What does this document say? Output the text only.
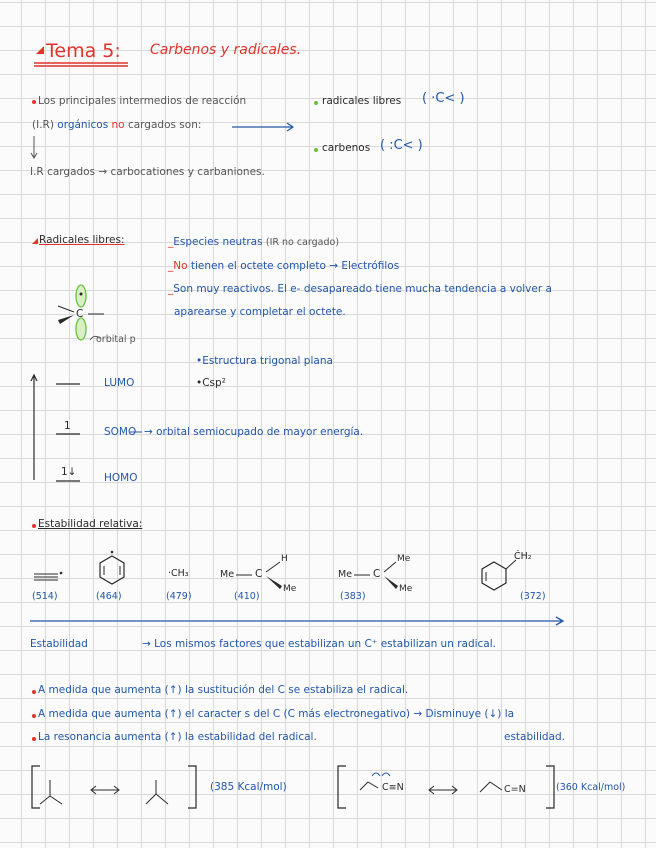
Tema 5: Carbenos y radicales.
Los principales intermedios de reacción
(I.R) orgánicos no cargados son:
I.R cargados → carbocationes y carbaniones.
radicales libres ( ·C< )
carbenos ( :C< )
Radicales libres:	_Especies neutras (IR no cargado)
_No tienen el octete completo → Electrófilos
_Son muy reactivos. El e- desapareado tiene mucha tendencia a volver a
aparearse y completar el octete.
C
orbital p
•Estructura trigonal plana
•Csp²
LUMO
1	SOMO → orbital semiocupado de mayor energía.
1↓	HOMO
Estabilidad relativa:
·CH₃	Me C
H
Me
Me C
Me
Me
ĊH₂
(514)	(464)	(479)	(410)	(383)	(372)
Estabilidad	→ Los mismos factores que estabilizan un C⁺ estabilizan un radical.
A medida que aumenta (↑) la sustitución del C se estabiliza el radical.
A medida que aumenta (↑) el caracter s del C (C más electronegativo) → Disminuye (↓) la
La resonancia aumenta (↑) la estabilidad del radical.	estabilidad.
C≡N	C=N
(385 Kcal/mol)	(360 Kcal/mol)
